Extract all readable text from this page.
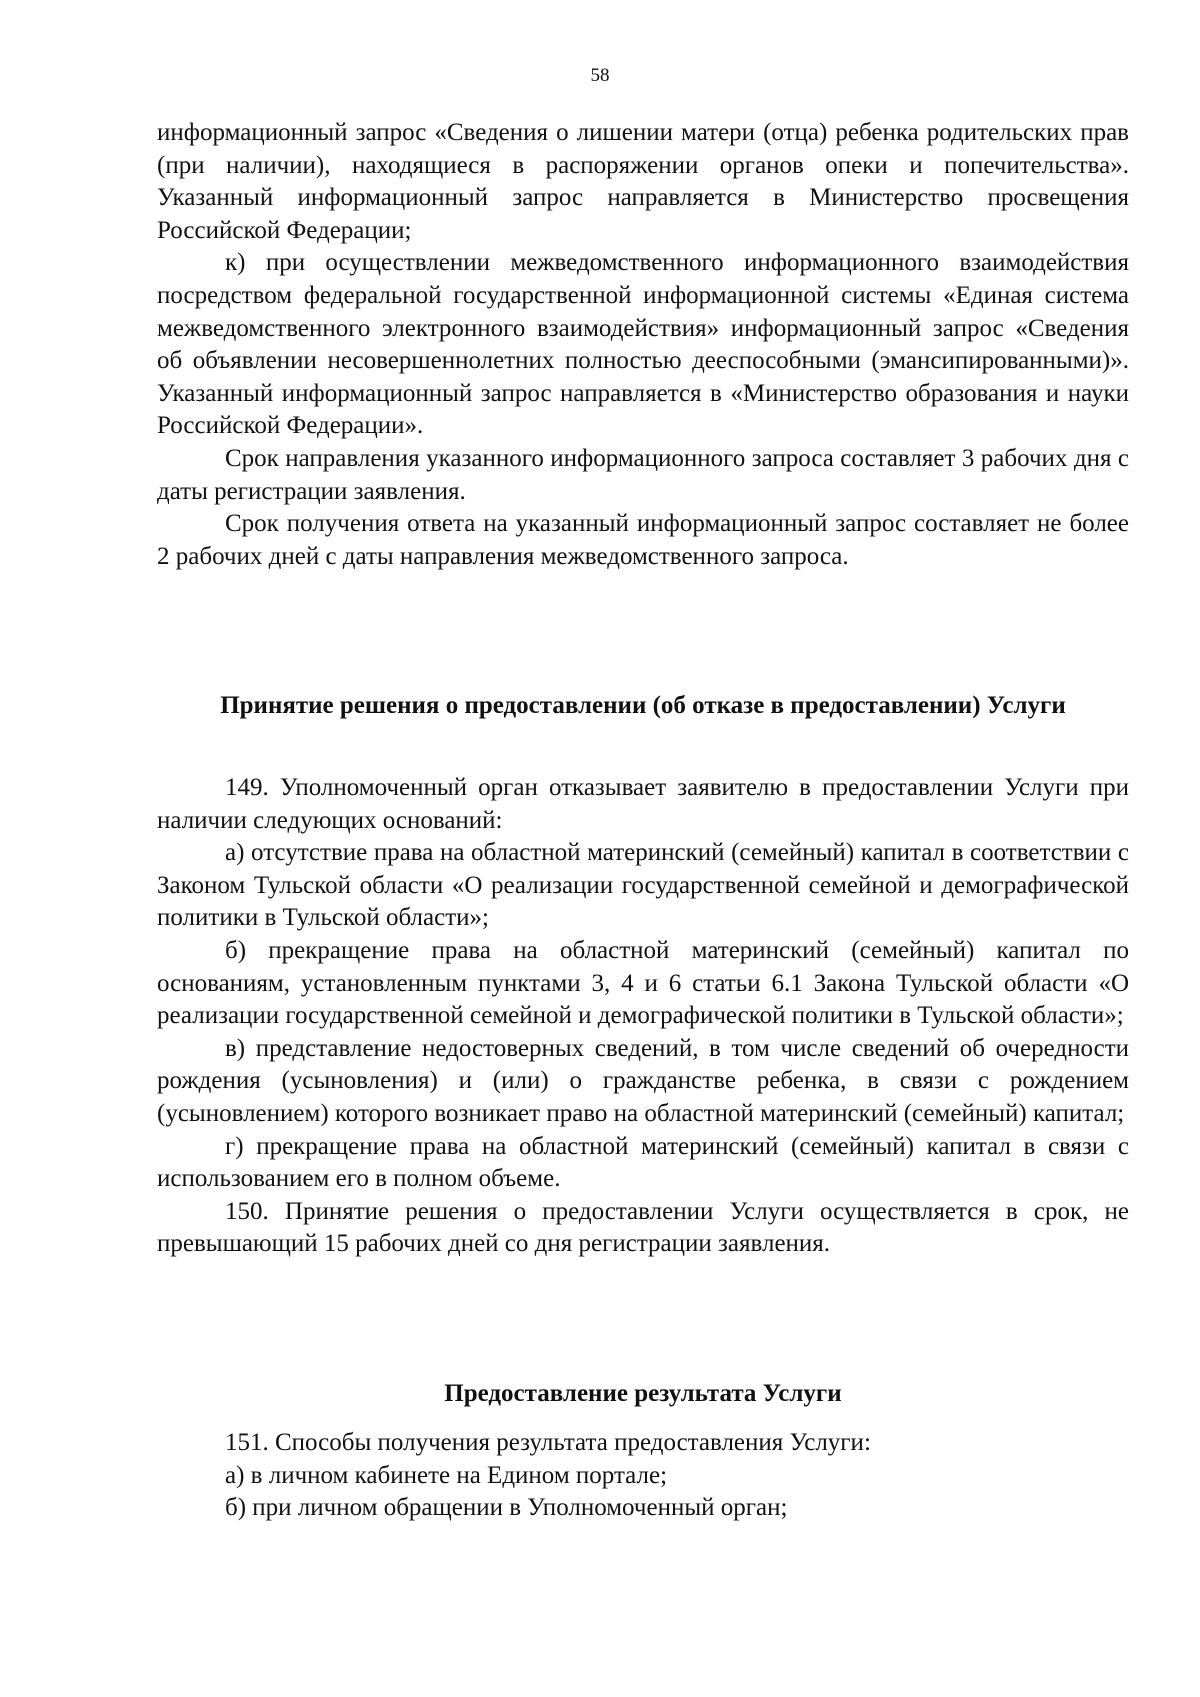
58

информационный запрос «Сведения о лишении матери (отца) ребенка родительских прав (при наличии), находящиеся в распоряжении органов опеки и попечительства». Указанный информационный запрос направляется в Министерство просвещения Российской Федерации;

к) при осуществлении межведомственного информационного взаимодействия посредством федеральной государственной информационной системы «Единая система межведомственного электронного взаимодействия» информационный запрос «Сведения об объявлении несовершеннолетних полностью дееспособными (эмансипированными)». Указанный информационный запрос направляется в «Министерство образования и науки Российской Федерации».

Срок направления указанного информационного запроса составляет 3 рабочих дня с даты регистрации заявления.

Срок получения ответа на указанный информационный запрос составляет не более 2 рабочих дней с даты направления межведомственного запроса.

Принятие решения о предоставлении (об отказе в предоставлении) Услуги

149. Уполномоченный орган отказывает заявителю в предоставлении Услуги при наличии следующих оснований:

а) отсутствие права на областной материнский (семейный) капитал в соответствии с Законом Тульской области «О реализации государственной семейной и демографической политики в Тульской области»;

б) прекращение права на областной материнский (семейный) капитал по основаниям, установленным пунктами 3, 4 и 6 статьи 6.1 Закона Тульской области «О реализации государственной семейной и демографической политики в Тульской области»;

в) представление недостоверных сведений, в том числе сведений об очередности рождения (усыновления) и (или) о гражданстве ребенка, в связи с рождением (усыновлением) которого возникает право на областной материнский (семейный) капитал;

г) прекращение права на областной материнский (семейный) капитал в связи с использованием его в полном объеме.

150. Принятие решения о предоставлении Услуги осуществляется в срок, не превышающий 15 рабочих дней со дня регистрации заявления.

Предоставление результата Услуги

151. Способы получения результата предоставления Услуги:

а) в личном кабинете на Едином портале;

б) при личном обращении в Уполномоченный орган;
